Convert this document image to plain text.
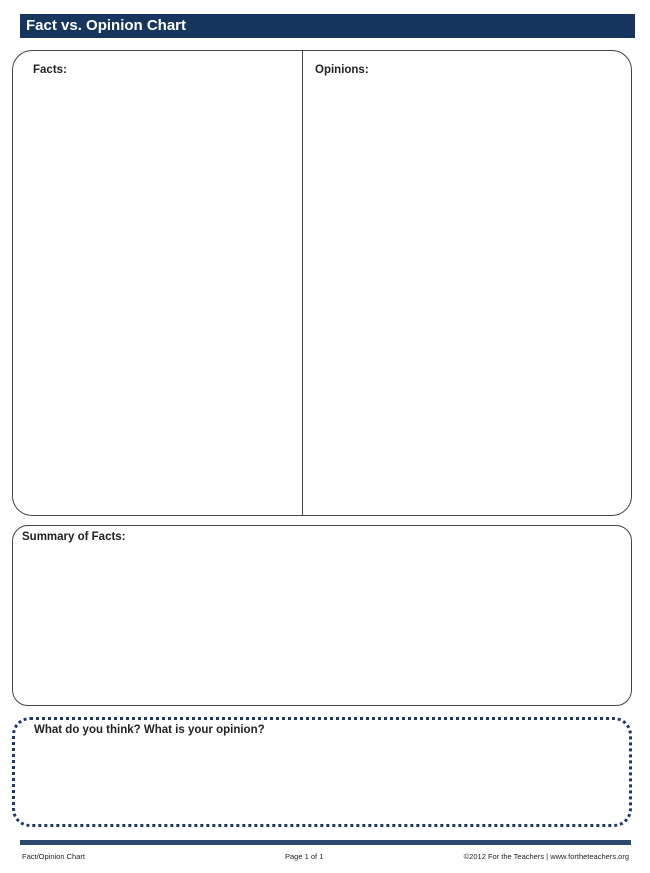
Fact vs. Opinion Chart
Facts:	Opinions:
Summary of Facts:
What do you think? What is your opinion?
Fact/Opinion Chart	Page 1 of 1	©2012 For the Teachers | www.fortheteachers.org
